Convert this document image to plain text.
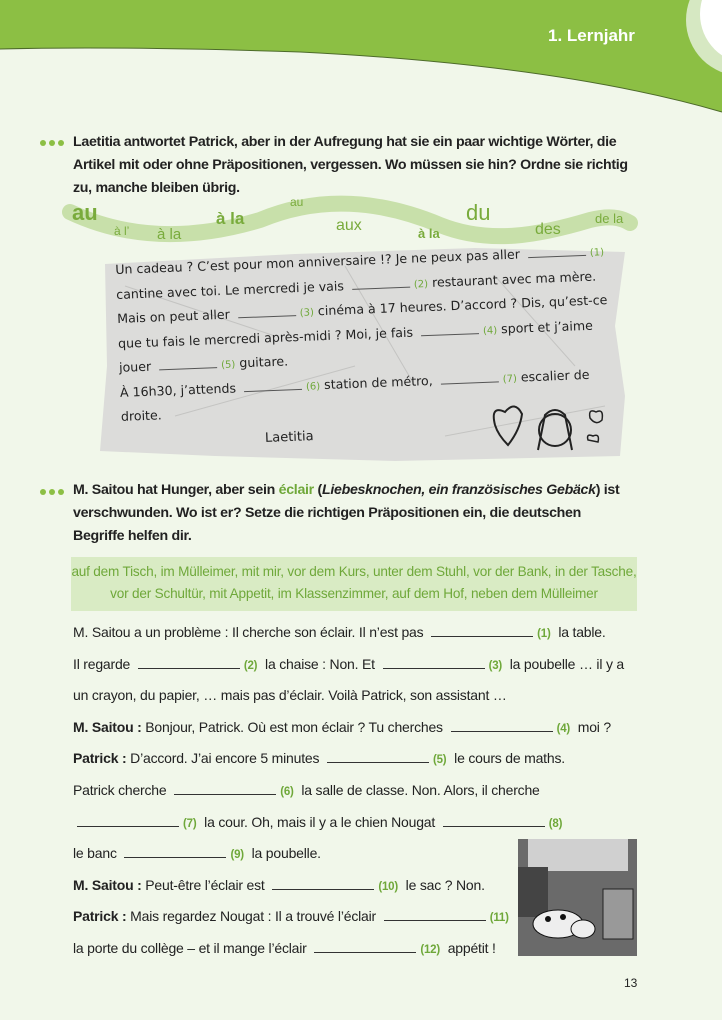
1. Lernjahr
Laetitia antwortet Patrick, aber in der Aufregung hat sie ein paar wichtige Wörter, die Artikel mit oder ohne Präpositionen, vergessen. Wo müssen sie hin? Ordne sie richtig zu, manche bleiben übrig.
au
à l’ à la
à la
au
aux	à la
du
des
de la
Un cadeau ? C’est pour mon anniversaire !? Je ne peux pas aller	(1)
cantine avec toi. Le mercredi je vais	(2) restaurant avec ma mère.
Mais on peut aller	(3) cinéma à 17 heures. D’accord ? Dis, qu’est-ce
que tu fais le mercredi après-midi ? Moi, je fais	(4) sport et j’aime
jouer	(5) guitare.
À 16h30, j’attends	(6) station de métro,	(7) escalier de
droite.
Laetitia
M. Saitou hat Hunger, aber sein éclair (Liebesknochen, ein französisches Gebäck) ist verschwunden. Wo ist er? Setze die richtigen Präpositionen ein, die deutschen Begriffe helfen dir.
auf dem Tisch, im Mülleimer, mit mir, vor dem Kurs, unter dem Stuhl, vor der Bank, in der Tasche, vor der Schultür, mit Appetit, im Klassenzimmer, auf dem Hof, neben dem Mülleimer
M. Saitou a un problème : Il cherche son éclair. Il n’est pas	(1) la table.
Il regarde	(2) la chaise : Non. Et	(3) la poubelle … il y a
un crayon, du papier, … mais pas d’éclair. Voilà Patrick, son assistant …
M. Saitou : Bonjour, Patrick. Où est mon éclair ? Tu cherches	(4) moi ?
Patrick : D’accord. J’ai encore 5 minutes	(5) le cours de maths.
Patrick cherche	(6) la salle de classe. Non. Alors, il cherche
(7) la cour. Oh, mais il y a le chien Nougat	(8)
le banc	(9) la poubelle.
M. Saitou : Peut-être l’éclair est	(10) le sac ? Non.
Patrick : Mais regardez Nougat : Il a trouvé l’éclair	(11)
la porte du collège – et il mange l’éclair	(12) appétit !
13
